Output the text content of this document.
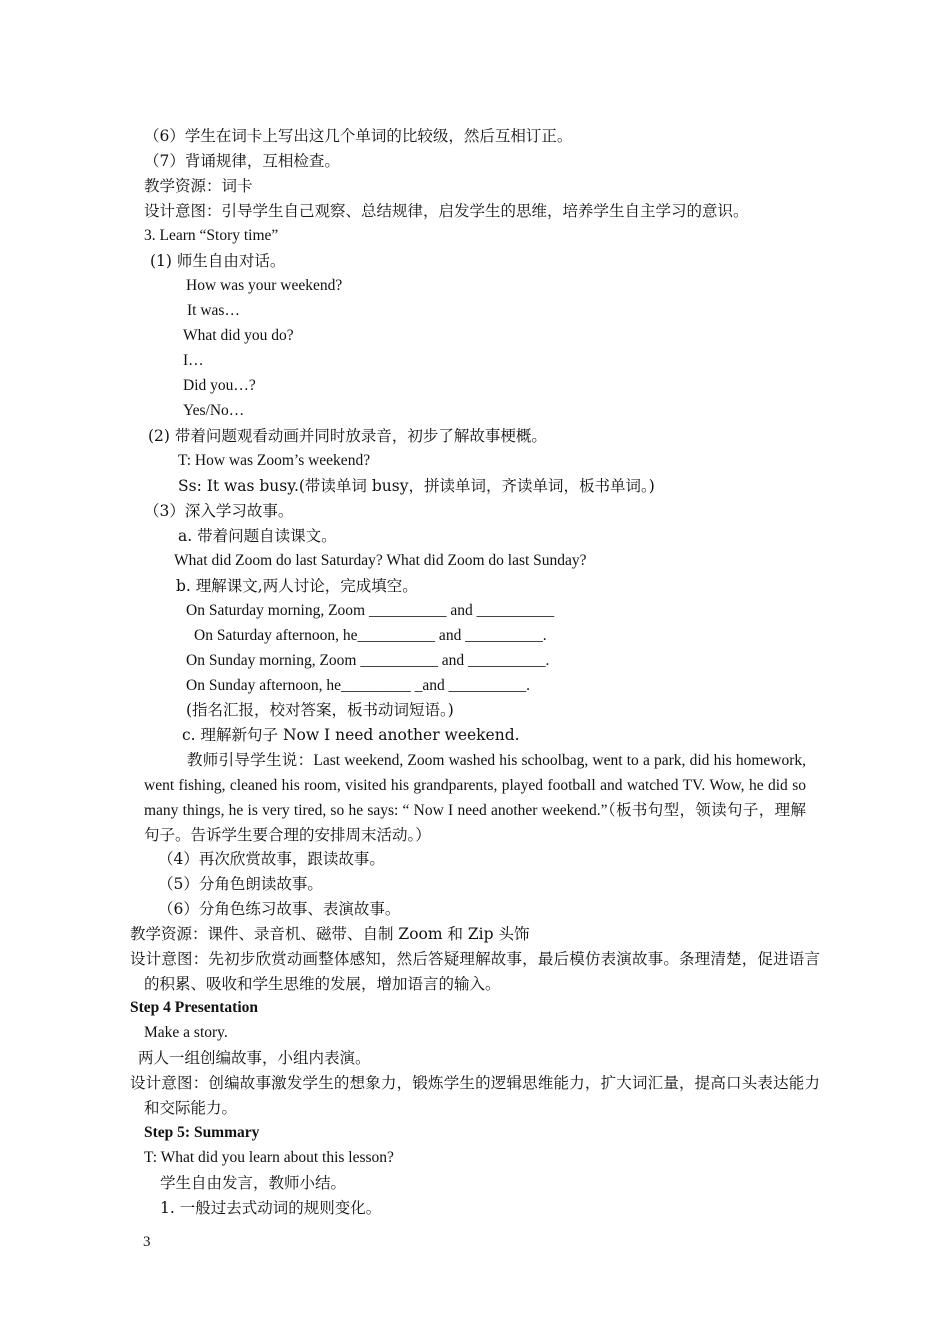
（6）学生在词卡上写出这几个单词的比较级，然后互相订正。
（7）背诵规律，互相检查。
教学资源：词卡
设计意图：引导学生自己观察、总结规律，启发学生的思维，培养学生自主学习的意识。
3. Learn “Story time”
(1) 师生自由对话。
How was your weekend?
It was…
What did you do?
I…
Did you…?
Yes/No…
(2) 带着问题观看动画并同时放录音，初步了解故事梗概。
T: How was Zoom’s weekend?
Ss: It was busy.(带读单词 busy，拼读单词，齐读单词，板书单词。)
（3）深入学习故事。
a. 带着问题自读课文。
What did Zoom do last Saturday? What did Zoom do last Sunday?
b. 理解课文,两人讨论，完成填空。
On Saturday morning, Zoom __________ and __________
On Saturday afternoon, he__________ and __________.
On Sunday morning, Zoom __________ and __________.
On Sunday afternoon, he_________ _and __________.
(指名汇报，校对答案，板书动词短语。)
c. 理解新句子 Now I need another weekend.
教师引导学生说：Last weekend, Zoom washed his schoolbag, went to a park, did his homework, went fishing, cleaned his room, visited his grandparents, played football and watched TV. Wow, he did so many things, he is very tired, so he says: “ Now I need another weekend.”（板书句型，领读句子，理解句子。告诉学生要合理的安排周末活动。）
（4）再次欣赏故事，跟读故事。
（5）分角色朗读故事。
（6）分角色练习故事、表演故事。
教学资源：课件、录音机、磁带、自制 Zoom 和 Zip 头饰
设计意图：先初步欣赏动画整体感知，然后答疑理解故事，最后模仿表演故事。条理清楚，促进语言的积累、吸收和学生思维的发展，增加语言的输入。
Step 4 Presentation
Make a story.
两人一组创编故事，小组内表演。
设计意图：创编故事激发学生的想象力，锻炼学生的逻辑思维能力，扩大词汇量，提高口头表达能力和交际能力。
Step 5: Summary
T: What did you learn about this lesson?
学生自由发言，教师小结。
1. 一般过去式动词的规则变化。
3
